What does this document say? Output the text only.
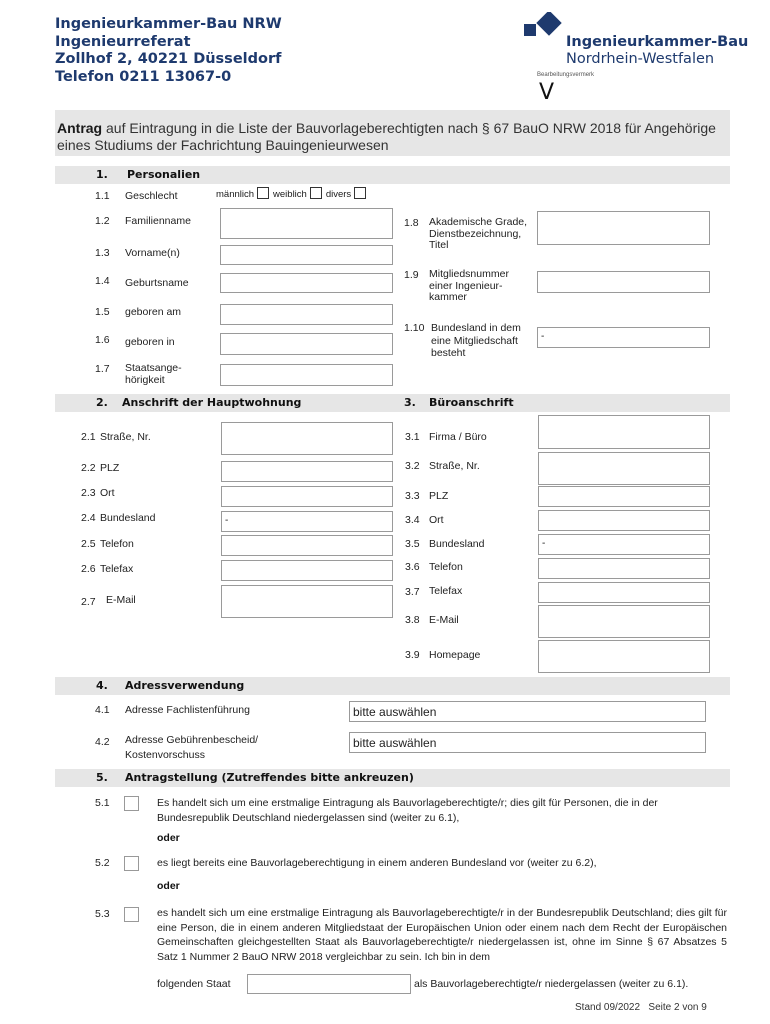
Ingenieurkammer-Bau NRW
Ingenieurreferat
Zollhof 2, 40221 Düsseldorf
Telefon 0211 13067-0
Ingenieurkammer-Bau
Nordrhein-Westfalen
Bearbeitungsvermerk
V
Antrag auf Eintragung in die Liste der Bauvorlageberechtigten nach § 67 BauO NRW 2018 für Angehörige eines Studiums der Fachrichtung Bauingenieurwesen
1. Personalien
1.1 Geschlecht	männlich weiblich divers
1.2 Familienname
1.3 Vorname(n)
1.4 Geburtsname
1.5 geboren am
1.6 geboren in
1.7 Staatsange-
hörigkeit
1.8 Akademische Grade,
Dienstbezeichnung,
Titel
1.9 Mitgliedsnummer
einer Ingenieur-
kammer
1.10 Bundesland in dem
eine Mitgliedschaft
besteht
-
2. Anschrift der Hauptwohnung	3. Büroanschrift
2.1 Straße, Nr.
2.2 PLZ
2.3 Ort
2.4 Bundesland	-
2.5 Telefon
2.6 Telefax
2.7 E-Mail
3.1 Firma / Büro
3.2 Straße, Nr.
3.3 PLZ
3.4 Ort
3.5 Bundesland	-
3.6 Telefon
3.7 Telefax
3.8 E-Mail
3.9 Homepage
4. Adressverwendung
4.1 Adresse Fachlistenführung	bitte auswählen
4.2 Adresse Gebührenbescheid/
Kostenvorschuss
bitte auswählen
5. Antragstellung (Zutreffendes bitte ankreuzen)
5.1	Es handelt sich um eine erstmalige Eintragung als Bauvorlageberechtigte/r; dies gilt für Personen, die in der Bundesrepublik Deutschland niedergelassen sind (weiter zu 6.1),
oder
5.2	es liegt bereits eine Bauvorlageberechtigung in einem anderen Bundesland vor (weiter zu 6.2),
oder
5.3	es handelt sich um eine erstmalige Eintragung als Bauvorlageberechtigte/r in der Bundesrepublik Deutschland; dies gilt für eine Person, die in einem anderen Mitgliedstaat der Europäischen Union oder einem nach dem Recht der Europäischen Gemeinschaften gleichgestellten Staat als Bauvorlageberechtigte/r niedergelassen ist, ohne im Sinne § 67 Absatzes 5 Satz 1 Nummer 2 BauO NRW 2018 vergleichbar zu sein. Ich bin in dem
folgenden Staat	als Bauvorlageberechtigte/r niedergelassen (weiter zu 6.1).
Stand 09/2022 Seite 2 von 9
